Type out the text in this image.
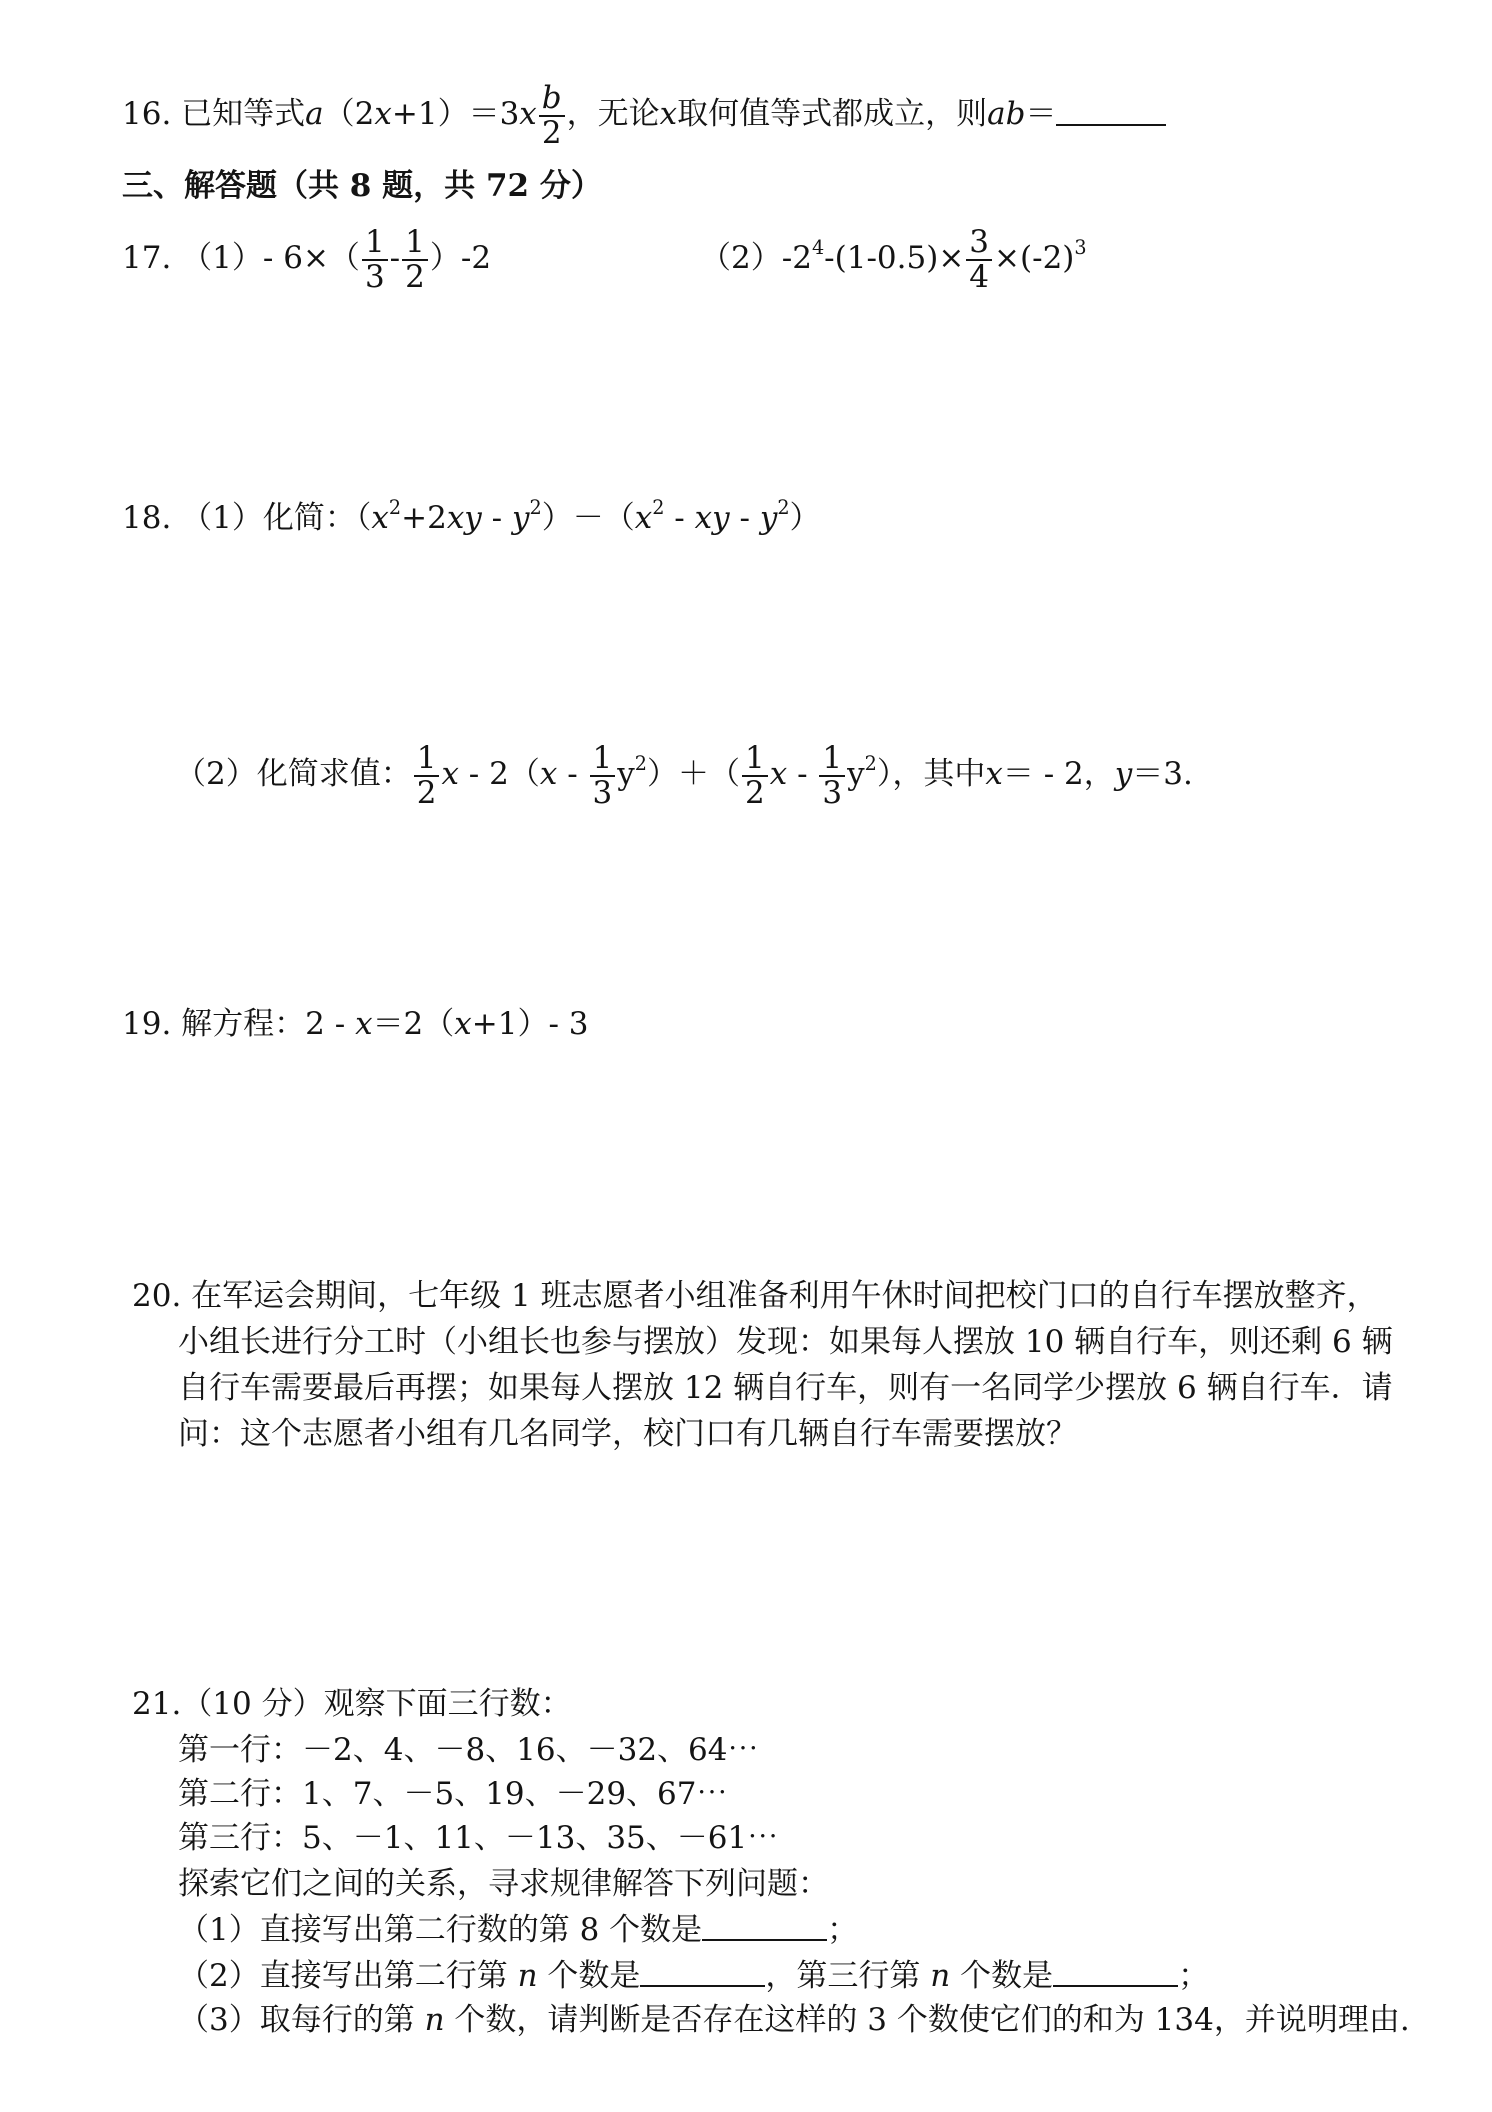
16. 已知等式$a(2x+1)=3x \frac{b}{2}$ ，无论x取何值等式都成立，则ab＝
三、解答题（共 8 题，共 72 分）
17. （1）- $6\times( \frac{1}{3} - \frac{1}{2} )-2$	$(2)-2^4-(1-0.5)\times \frac{3}{4} \times(-2)^3$
18. （1）化简：$(x^2+2xy - y^2)-(x^2$ - xy - $y^2$）
（2）化简求值： $\frac{1}{2}$ $x - 2(x - \frac{1}{3} y^2)+( \frac{1}{2}$ x - $\frac{1}{3} y^2$），其中x＝ - 2，y＝3.
19. 解方程：2 - x＝2（x+1）- 3
20. 在军运会期间，七年级 1 班志愿者小组准备利用午休时间把校门口的自行车摆放整齐，
小组长进行分工时（小组长也参与摆放）发现：如果每人摆放 10 辆自行车，则还剩 6 辆
自行车需要最后再摆；如果每人摆放 12 辆自行车，则有一名同学少摆放 6 辆自行车．请
问：这个志愿者小组有几名同学，校门口有几辆自行车需要摆放？
21.（10 分）观察下面三行数：
第一行：－2、4、－8、16、－32、64⋯
第二行：1、7、－5、19、－29、67⋯
第三行：5、－1、11、－13、35、－61⋯
探索它们之间的关系，寻求规律解答下列问题：
（1）直接写出第二行数的第 8 个数是	；
（2）直接写出第二行第 n 个数是	，第三行第 n 个数是	；
（3）取每行的第 n 个数，请判断是否存在这样的 3 个数使它们的和为 134，并说明理由.
